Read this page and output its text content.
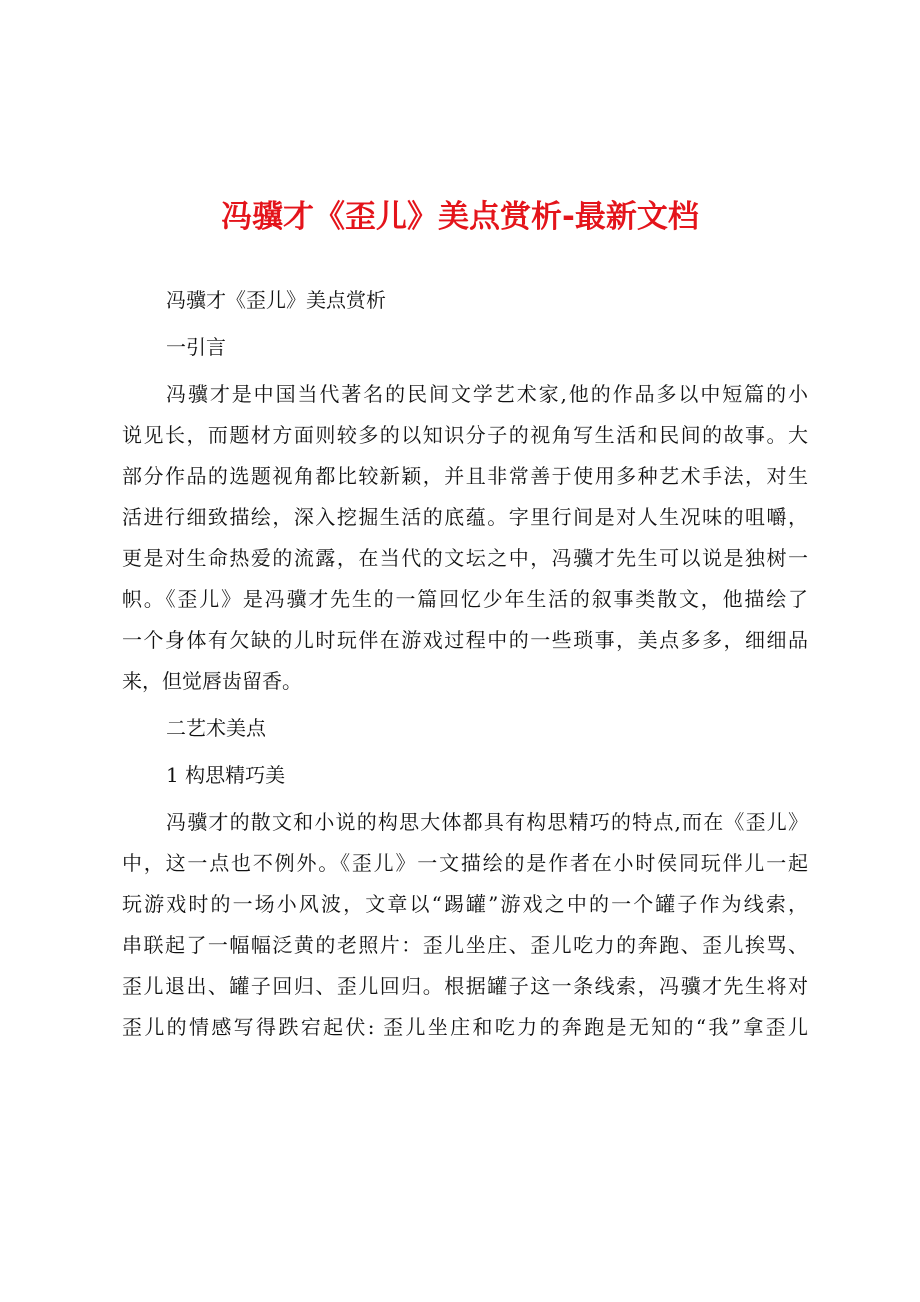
冯骥才《歪儿》美点赏析-最新文档
冯骥才《歪儿》美点赏析
一引言
冯骥才是中国当代著名的民间文学艺术家,他的作品多以中短篇的小
说见长，而题材方面则较多的以知识分子的视角写生活和民间的故事。大
部分作品的选题视角都比较新颖，并且非常善于使用多种艺术手法，对生
活进行细致描绘，深入挖掘生活的底蕴。字里行间是对人生况味的咀嚼，
更是对生命热爱的流露，在当代的文坛之中，冯骥才先生可以说是独树一
帜。《歪儿》是冯骥才先生的一篇回忆少年生活的叙事类散文，他描绘了
一个身体有欠缺的儿时玩伴在游戏过程中的一些琐事，美点多多，细细品
来，但觉唇齿留香。
二艺术美点
1 构思精巧美
冯骥才的散文和小说的构思大体都具有构思精巧的特点,而在《歪儿》
中，这一点也不例外。《歪儿》一文描绘的是作者在小时侯同玩伴儿一起
玩游戏时的一场小风波，文章以“踢罐”游戏之中的一个罐子作为线索，
串联起了一幅幅泛黄的老照片：歪儿坐庄、歪儿吃力的奔跑、歪儿挨骂、
歪儿退出、罐子回归、歪儿回归。根据罐子这一条线索，冯骥才先生将对
歪儿的情感写得跌宕起伏: 歪儿坐庄和吃力的奔跑是无知的“我”拿歪儿
